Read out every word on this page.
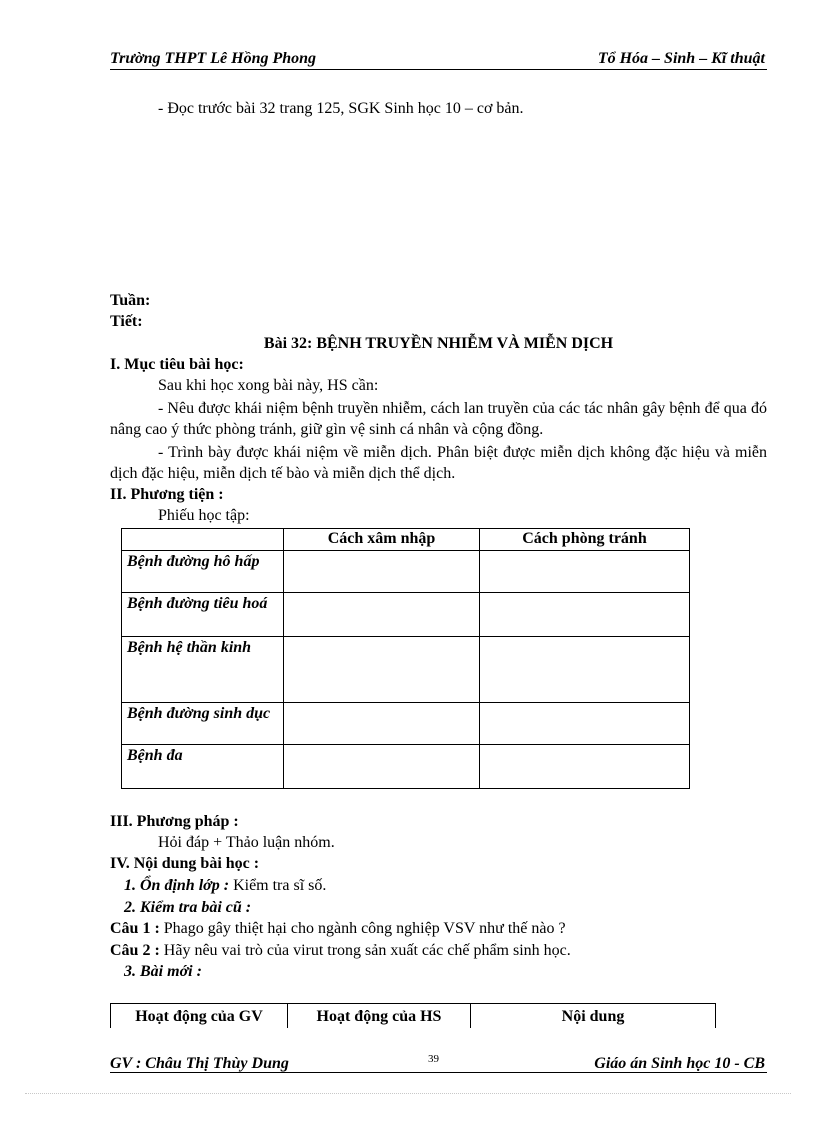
Trường THPT Lê Hồng Phong	Tổ Hóa – Sinh – Kĩ thuật
- Đọc trước bài 32 trang 125, SGK Sinh học 10 – cơ bản.
Tuần:
Tiết:
Bài 32: BỆNH TRUYỀN NHIỄM VÀ MIỄN DỊCH
I. Mục tiêu bài học:
Sau khi học xong bài này, HS cần:
- Nêu được khái niệm bệnh truyền nhiễm, cách lan truyền của các tác nhân gây bệnh để qua đó nâng cao ý thức phòng tránh, giữ gìn vệ sinh cá nhân và cộng đồng.
- Trình bày được khái niệm về miễn dịch. Phân biệt được miễn dịch không đặc hiệu và miễn dịch đặc hiệu, miễn dịch tế bào và miễn dịch thể dịch.
II. Phương tiện :
Phiếu học tập:
	Cách xâm nhập	Cách phòng tránh
Bệnh đường hô hấp		
Bệnh đường tiêu hoá		
Bệnh hệ thần kinh		
Bệnh đường sinh dục		
Bệnh đa		
III. Phương pháp :
Hỏi đáp + Thảo luận nhóm.
IV. Nội dung bài học :
1. Ổn định lớp : Kiểm tra sĩ số.
2. Kiểm tra bài cũ :
Câu 1 : Phago gây thiệt hại cho ngành công nghiệp VSV như thế nào ?
Câu 2 : Hãy nêu vai trò của virut trong sản xuất các chế phẩm sinh học.
3. Bài mới :
Hoạt động của GV	Hoạt động của HS	Nội dung
GV : Châu Thị Thùy Dung	39	Giáo án Sinh học 10 - CB
